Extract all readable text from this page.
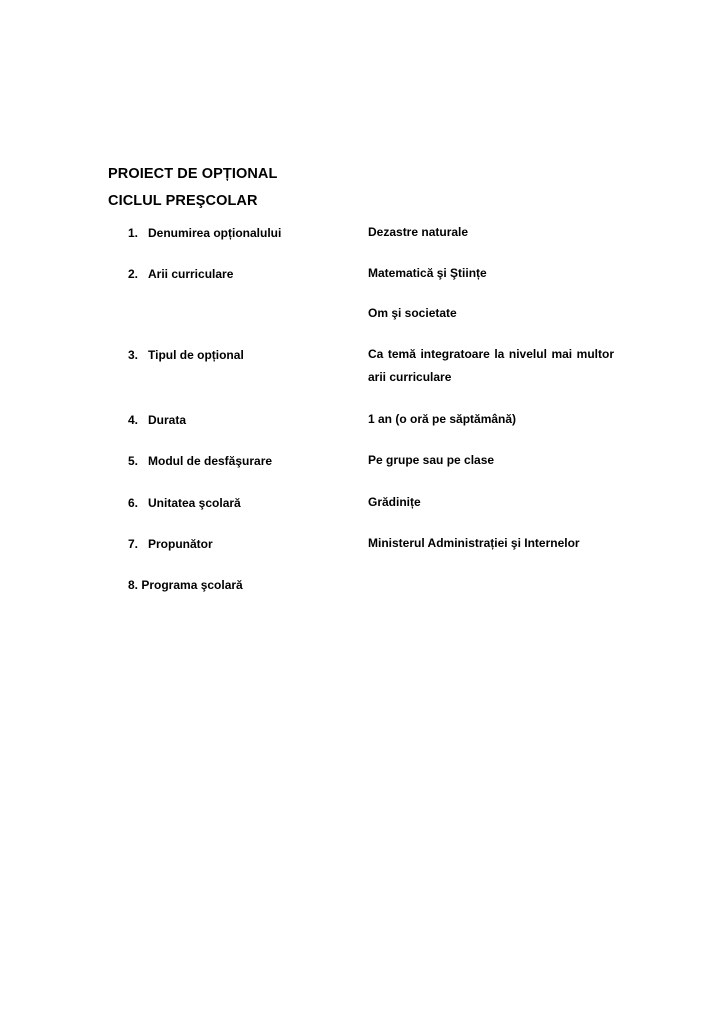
PROIECT DE OPȚIONAL
CICLUL PREŞCOLAR
1. Denumirea opționalului	Dezastre naturale
2. Arii curriculare	Matematică şi Ştiințe
Om şi societate
3. Tipul de opțional	Ca temă integratoare la nivelul mai multor arii curriculare
4. Durata	1 an (o oră pe săptămână)
5. Modul de desfăşurare	Pe grupe sau pe clase
6. Unitatea şcolară	Grădinițe
7. Propunător	Ministerul Administrației şi Internelor
8. Programa şcolară
